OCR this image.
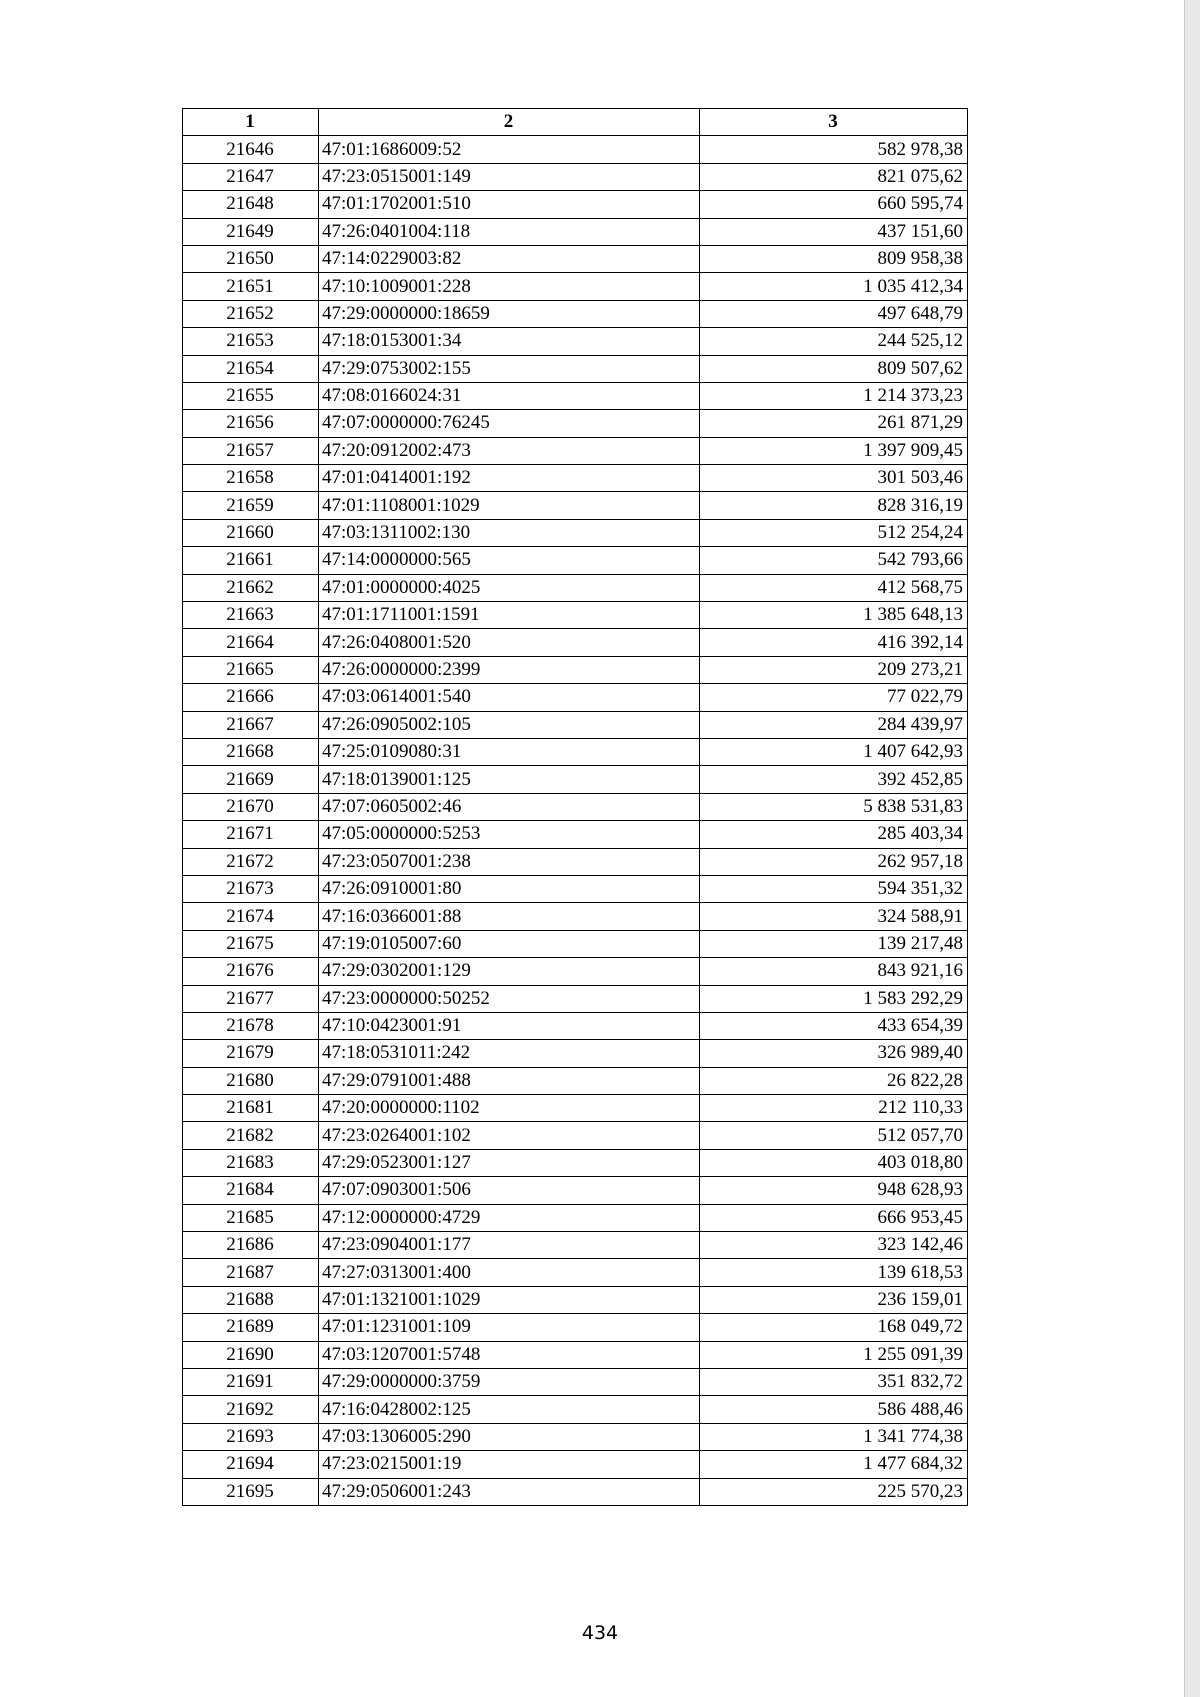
1	2	3
21646	47:01:1686009:52	582 978,38
21647	47:23:0515001:149	821 075,62
21648	47:01:1702001:510	660 595,74
21649	47:26:0401004:118	437 151,60
21650	47:14:0229003:82	809 958,38
21651	47:10:1009001:228	1 035 412,34
21652	47:29:0000000:18659	497 648,79
21653	47:18:0153001:34	244 525,12
21654	47:29:0753002:155	809 507,62
21655	47:08:0166024:31	1 214 373,23
21656	47:07:0000000:76245	261 871,29
21657	47:20:0912002:473	1 397 909,45
21658	47:01:0414001:192	301 503,46
21659	47:01:1108001:1029	828 316,19
21660	47:03:1311002:130	512 254,24
21661	47:14:0000000:565	542 793,66
21662	47:01:0000000:4025	412 568,75
21663	47:01:1711001:1591	1 385 648,13
21664	47:26:0408001:520	416 392,14
21665	47:26:0000000:2399	209 273,21
21666	47:03:0614001:540	77 022,79
21667	47:26:0905002:105	284 439,97
21668	47:25:0109080:31	1 407 642,93
21669	47:18:0139001:125	392 452,85
21670	47:07:0605002:46	5 838 531,83
21671	47:05:0000000:5253	285 403,34
21672	47:23:0507001:238	262 957,18
21673	47:26:0910001:80	594 351,32
21674	47:16:0366001:88	324 588,91
21675	47:19:0105007:60	139 217,48
21676	47:29:0302001:129	843 921,16
21677	47:23:0000000:50252	1 583 292,29
21678	47:10:0423001:91	433 654,39
21679	47:18:0531011:242	326 989,40
21680	47:29:0791001:488	26 822,28
21681	47:20:0000000:1102	212 110,33
21682	47:23:0264001:102	512 057,70
21683	47:29:0523001:127	403 018,80
21684	47:07:0903001:506	948 628,93
21685	47:12:0000000:4729	666 953,45
21686	47:23:0904001:177	323 142,46
21687	47:27:0313001:400	139 618,53
21688	47:01:1321001:1029	236 159,01
21689	47:01:1231001:109	168 049,72
21690	47:03:1207001:5748	1 255 091,39
21691	47:29:0000000:3759	351 832,72
21692	47:16:0428002:125	586 488,46
21693	47:03:1306005:290	1 341 774,38
21694	47:23:0215001:19	1 477 684,32
21695	47:29:0506001:243	225 570,23
434
